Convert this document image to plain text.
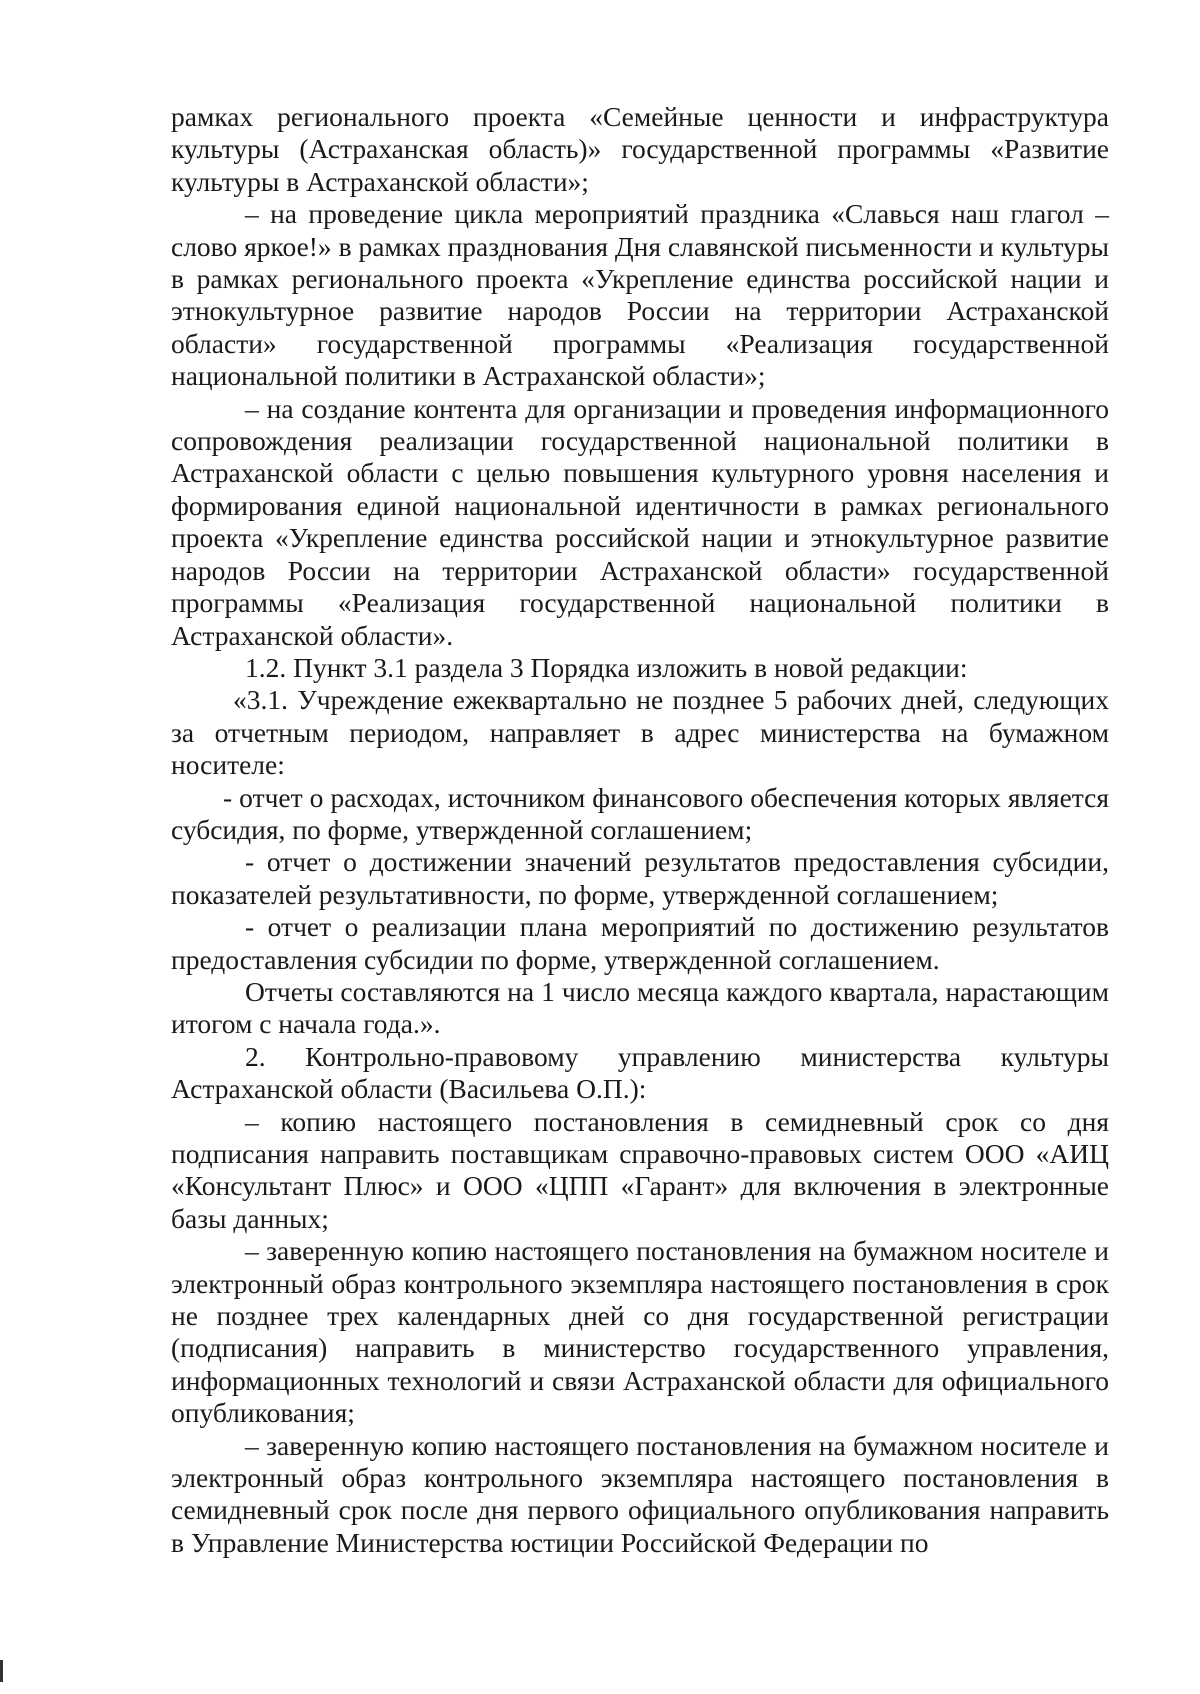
рамках регионального проекта «Семейные ценности и инфраструктура культуры (Астраханская область)» государственной программы «Развитие культуры в Астраханской области»;

– на проведение цикла мероприятий праздника «Славься наш глагол – слово яркое!» в рамках празднования Дня славянской письменности и культуры в рамках регионального проекта «Укрепление единства российской нации и этнокультурное развитие народов России на территории Астраханской области» государственной программы «Реализация государственной национальной политики в Астраханской области»;

– на создание контента для организации и проведения информационного сопровождения реализации государственной национальной политики в Астраханской области с целью повышения культурного уровня населения и формирования единой национальной идентичности в рамках регионального проекта «Укрепление единства российской нации и этнокультурное развитие народов России на территории Астраханской области» государственной программы «Реализация государственной национальной политики в Астраханской области».

1.2. Пункт 3.1 раздела 3 Порядка изложить в новой редакции:

«3.1. Учреждение ежеквартально не позднее 5 рабочих дней, следующих за отчетным периодом, направляет в адрес министерства на бумажном носителе:

- отчет о расходах, источником финансового обеспечения которых является субсидия, по форме, утвержденной соглашением;

- отчет о достижении значений результатов предоставления субсидии, показателей результативности, по форме, утвержденной соглашением;

- отчет о реализации плана мероприятий по достижению результатов предоставления субсидии по форме, утвержденной соглашением.

Отчеты составляются на 1 число месяца каждого квартала, нарастающим итогом с начала года.».

2. Контрольно-правовому управлению министерства культуры Астраханской области (Васильева О.П.):

– копию настоящего постановления в семидневный срок со дня подписания направить поставщикам справочно-правовых систем ООО «АИЦ «Консультант Плюс» и ООО «ЦПП «Гарант» для включения в электронные базы данных;

– заверенную копию настоящего постановления на бумажном носителе и электронный образ контрольного экземпляра настоящего постановления в срок не позднее трех календарных дней со дня государственной регистрации (подписания) направить в министерство государственного управления, информационных технологий и связи Астраханской области для официального опубликования;

– заверенную копию настоящего постановления на бумажном носителе и электронный образ контрольного экземпляра настоящего постановления в семидневный срок после дня первого официального опубликования направить в Управление Министерства юстиции Российской Федерации по
